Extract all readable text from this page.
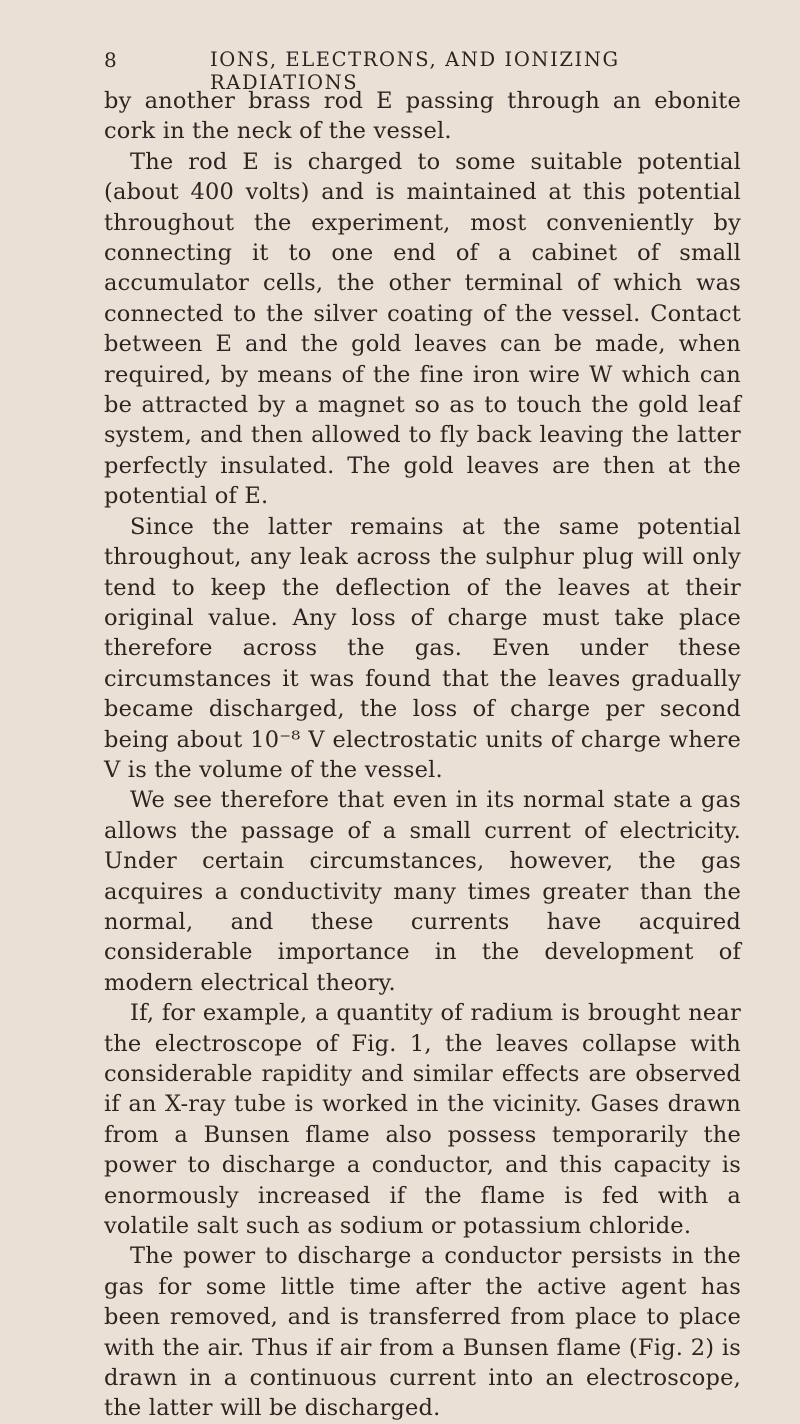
8	IONS, ELECTRONS, AND IONIZING RADIATIONS

by another brass rod E passing through an ebonite cork in the neck of the vessel.

The rod E is charged to some suitable potential (about 400 volts) and is maintained at this potential throughout the experiment, most conveniently by connecting it to one end of a cabinet of small accumulator cells, the other terminal of which was connected to the silver coating of the vessel. Contact between E and the gold leaves can be made, when required, by means of the fine iron wire W which can be attracted by a magnet so as to touch the gold leaf system, and then allowed to fly back leaving the latter perfectly insulated. The gold leaves are then at the potential of E.

Since the latter remains at the same potential throughout, any leak across the sulphur plug will only tend to keep the deflection of the leaves at their original value. Any loss of charge must take place therefore across the gas. Even under these circumstances it was found that the leaves gradually became discharged, the loss of charge per second being about 10⁻⁸ V electrostatic units of charge where V is the volume of the vessel.

We see therefore that even in its normal state a gas allows the passage of a small current of electricity. Under certain circumstances, however, the gas acquires a conductivity many times greater than the normal, and these currents have acquired considerable importance in the development of modern electrical theory.

If, for example, a quantity of radium is brought near the electroscope of Fig. 1, the leaves collapse with considerable rapidity and similar effects are observed if an X-ray tube is worked in the vicinity. Gases drawn from a Bunsen flame also possess temporarily the power to discharge a conductor, and this capacity is enormously increased if the flame is fed with a volatile salt such as sodium or potassium chloride.

The power to discharge a conductor persists in the gas for some little time after the active agent has been removed, and is transferred from place to place with the air. Thus if air from a Bunsen flame (Fig. 2) is drawn in a continuous current into an electroscope, the latter will be discharged.
